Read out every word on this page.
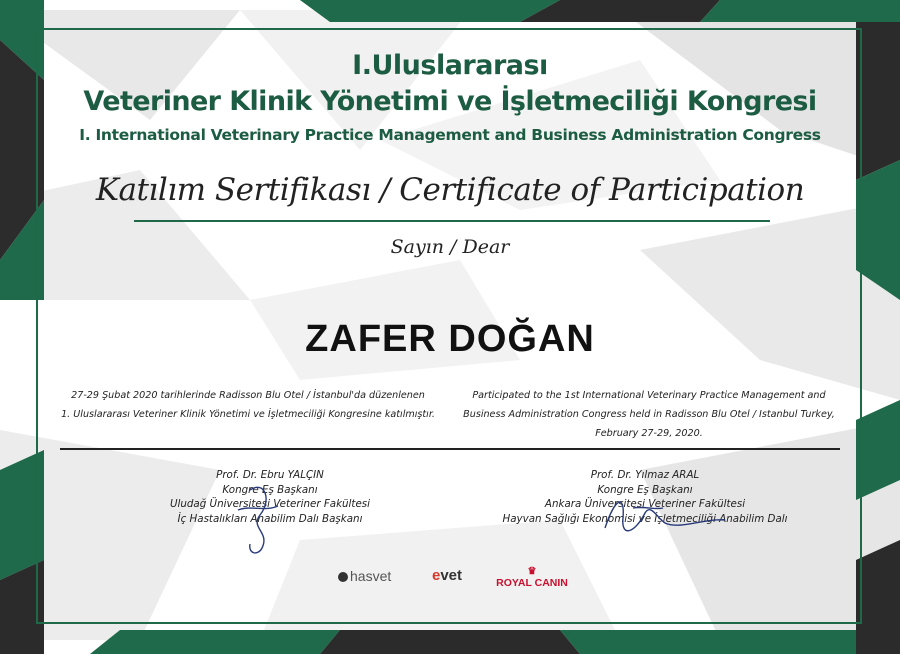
I.Uluslararası
Veteriner Klinik Yönetimi ve İşletmeciliği Kongresi
I. International Veterinary Practice Management and Business Administration Congress
Katılım Sertifikası / Certificate of Participation
Sayın / Dear
ZAFER DOĞAN
27-29 Şubat 2020 tarihlerinde Radisson Blu Otel / İstanbul'da düzenlenen
1. Uluslararası Veteriner Klinik Yönetimi ve İşletmeciliği Kongresine katılmıştır.
Participated to the 1st International Veterinary Practice Management and
Business Administration Congress held in Radisson Blu Otel / Istanbul Turkey,
February 27-29, 2020.
Prof. Dr. Ebru YALÇIN
Kongre Eş Başkanı
Uludağ Üniversitesi Veteriner Fakültesi
İç Hastalıkları Anabilim Dalı Başkanı
Prof. Dr. Yılmaz ARAL
Kongre Eş Başkanı
Ankara Üniversitesi Veteriner Fakültesi
Hayvan Sağlığı Ekonomisi ve İşletmeciliği Anabilim Dalı
hasvet	evet	♛
ROYAL CANIN
